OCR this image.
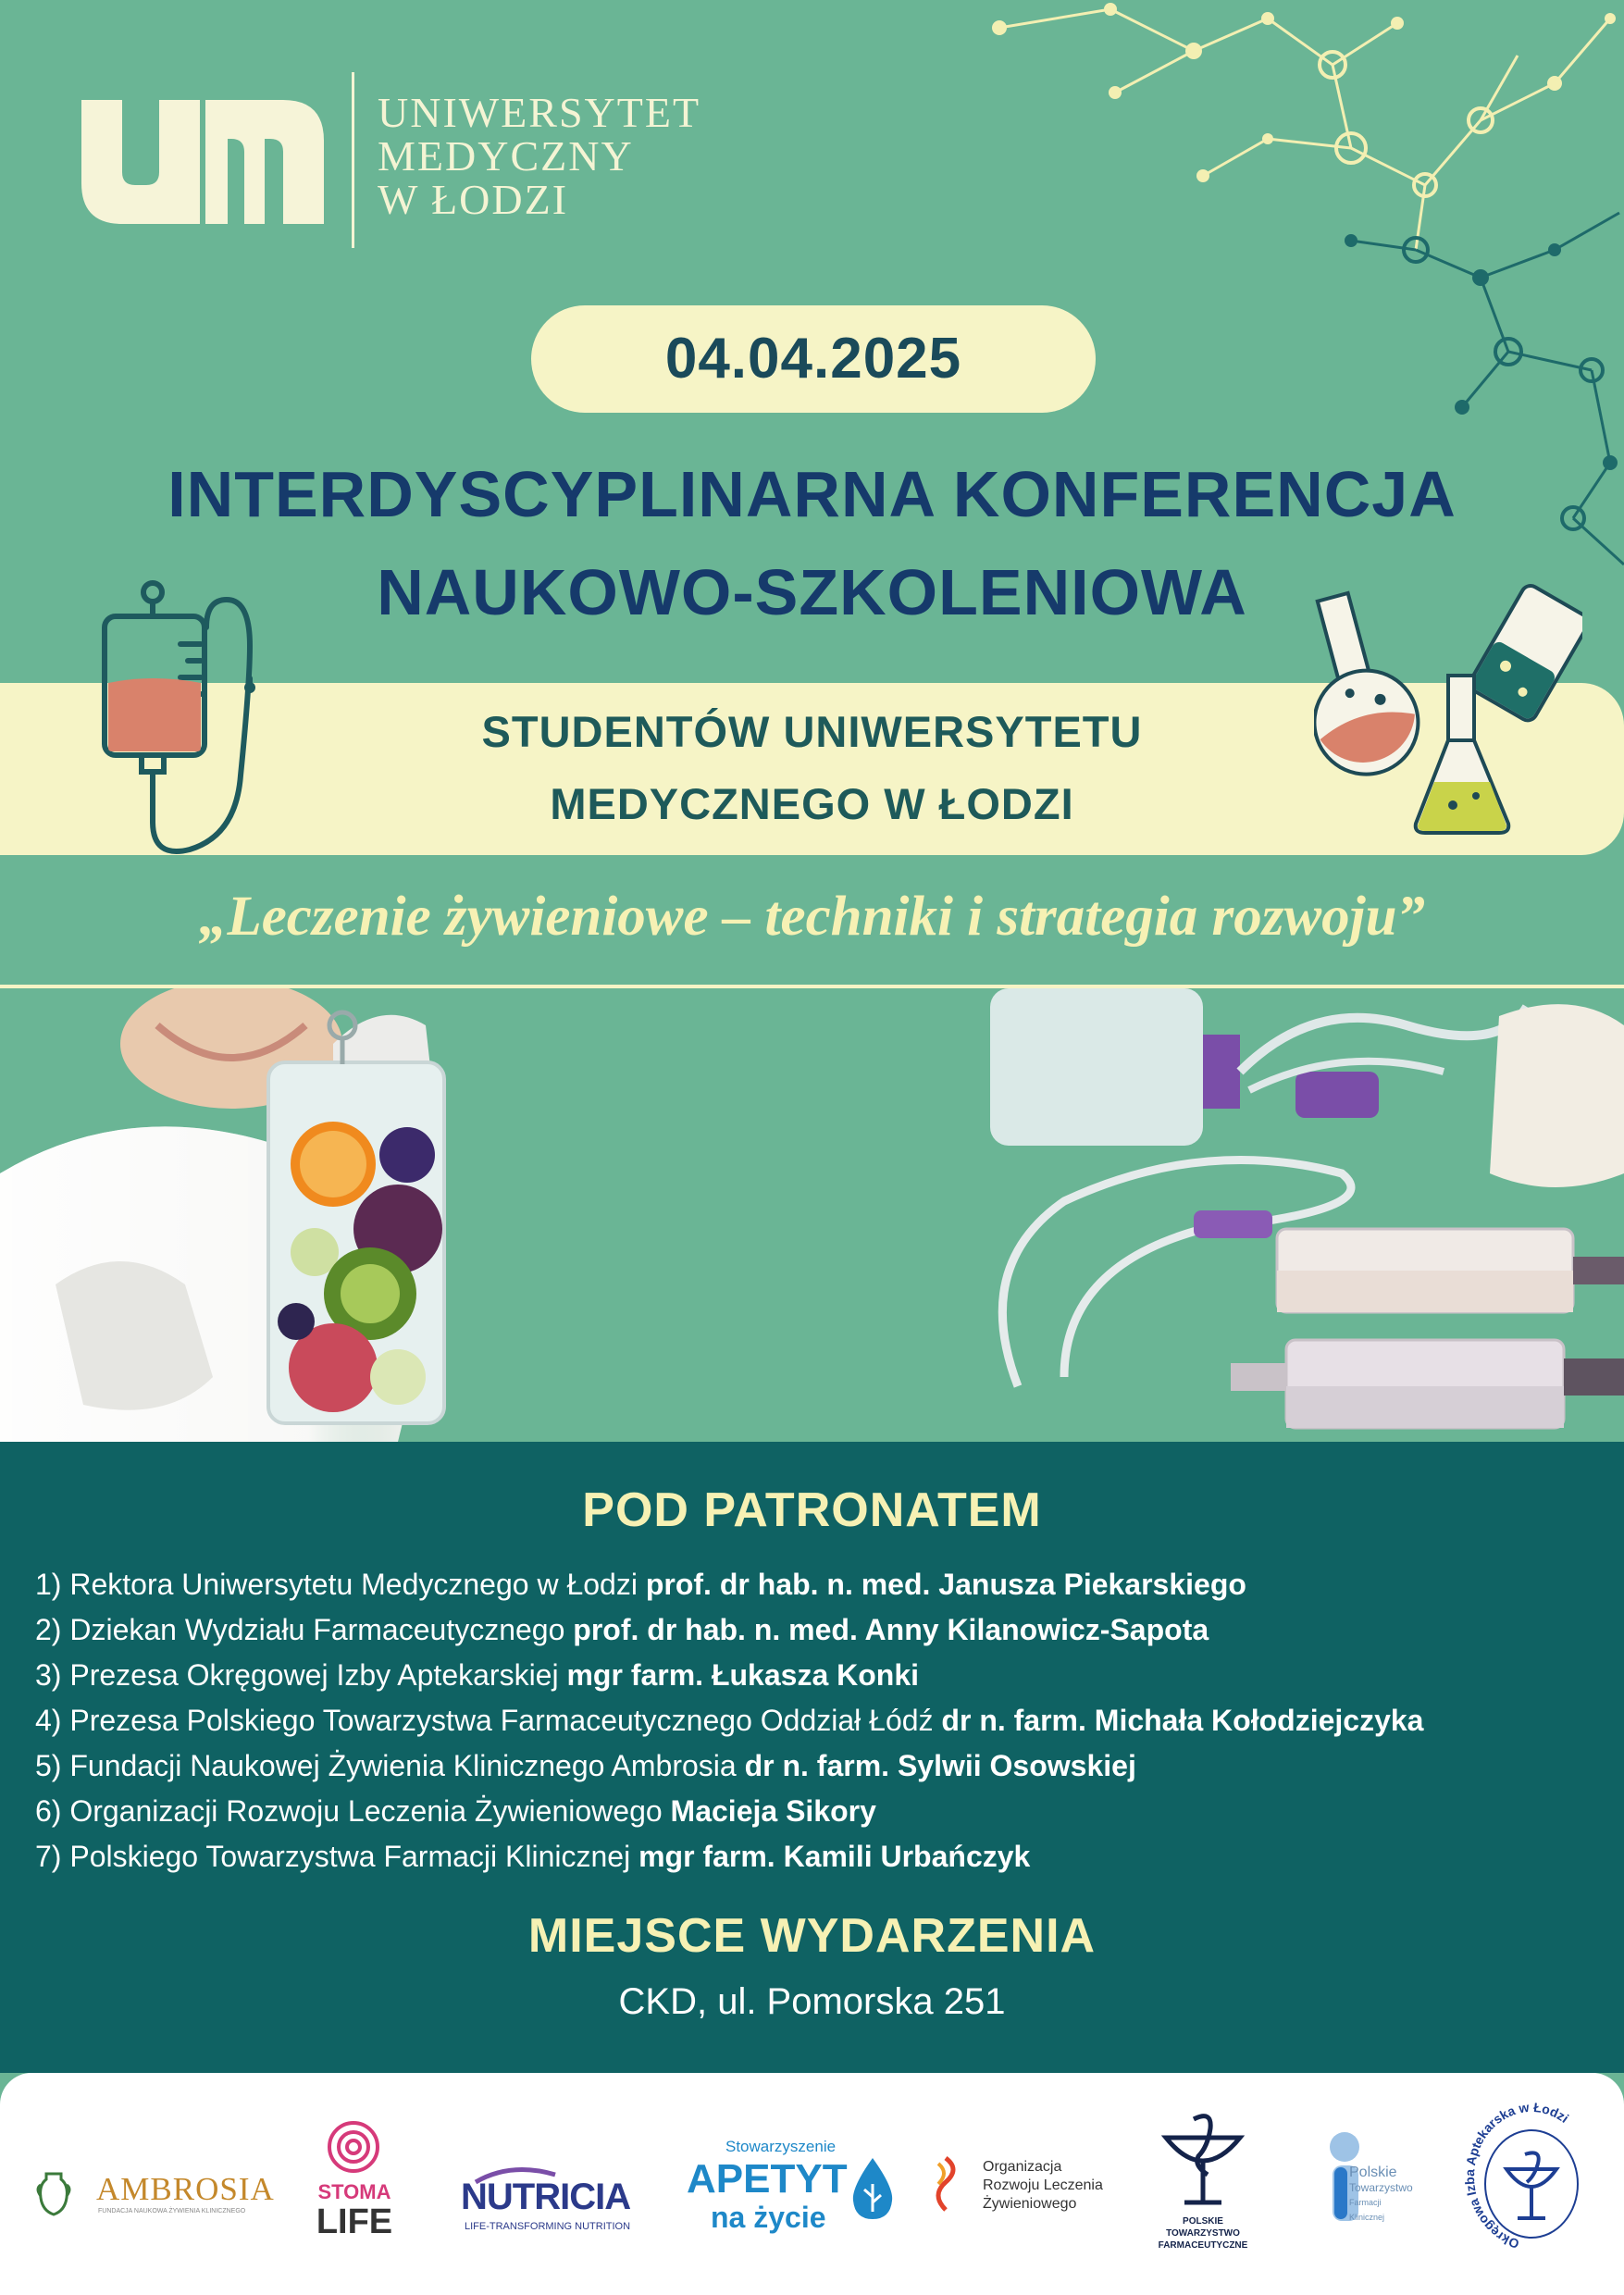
UNIWERSYTET
MEDYCZNY
W ŁODZI
04.04.2025
INTERDYSCYPLINARNA KONFERENCJA
NAUKOWO-SZKOLENIOWA
STUDENTÓW UNIWERSYTETU
MEDYCZNEGO W ŁODZI
„Leczenie żywieniowe – techniki i strategia rozwoju”
POD PATRONATEM
1) Rektora Uniwersytetu Medycznego w Łodzi prof. dr hab. n. med. Janusza Piekarskiego
2) Dziekan Wydziału Farmaceutycznego prof. dr hab. n. med. Anny Kilanowicz-Sapota
3) Prezesa Okręgowej Izby Aptekarskiej mgr farm. Łukasza Konki
4) Prezesa Polskiego Towarzystwa Farmaceutycznego Oddział Łódź dr n. farm. Michała Kołodziejczyka
5) Fundacji Naukowej Żywienia Klinicznego Ambrosia dr n. farm. Sylwii Osowskiej
6) Organizacji Rozwoju Leczenia Żywieniowego Macieja Sikory
7) Polskiego Towarzystwa Farmacji Klinicznej mgr farm. Kamili Urbańczyk
MIEJSCE WYDARZENIA
CKD, ul. Pomorska 251
AMBROSIA
FUNDACJA NAUKOWA ŻYWIENIA KLINICZNEGO
STOMA
LIFE
NUTRICIA
LIFE-TRANSFORMING NUTRITION
Stowarzyszenie
APETYT
na życie
Organizacja
Rozwoju Leczenia
Żywieniowego
POLSKIE
TOWARZYSTWO
FARMACEUTYCZNE
Polskie
Towarzystwo
Farmacji Klinicznej
Okręgowa Izba Aptekarska w Łodzi
